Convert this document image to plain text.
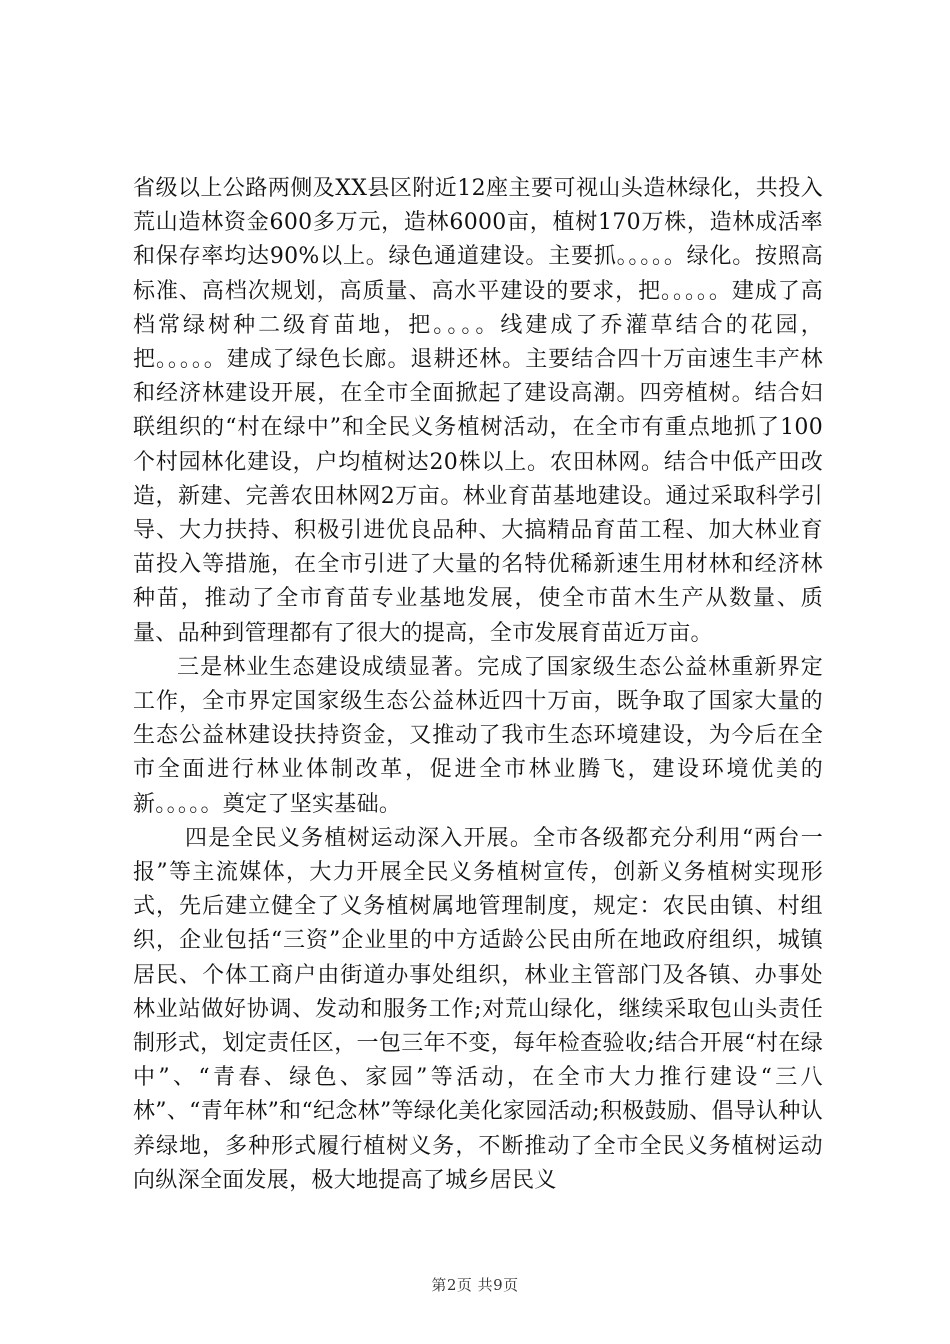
省级以上公路两侧及XX县区附近12座主要可视山头造林绿化，共投入荒山造林资金600多万元，造林6000亩，植树170万株，造林成活率和保存率均达90%以上。绿色通道建设。主要抓。。。。。绿化。按照高标准、高档次规划，高质量、高水平建设的要求，把。。。。。建成了高档常绿树种二级育苗地，把。。。。线建成了乔灌草结合的花园，把。。。。。建成了绿色长廊。退耕还林。主要结合四十万亩速生丰产林和经济林建设开展，在全市全面掀起了建设高潮。四旁植树。结合妇联组织的“村在绿中”和全民义务植树活动，在全市有重点地抓了100个村园林化建设，户均植树达20株以上。农田林网。结合中低产田改造，新建、完善农田林网2万亩。林业育苗基地建设。通过采取科学引导、大力扶持、积极引进优良品种、大搞精品育苗工程、加大林业育苗投入等措施，在全市引进了大量的名特优稀新速生用材林和经济林种苗，推动了全市育苗专业基地发展，使全市苗木生产从数量、质量、品种到管理都有了很大的提高，全市发展育苗近万亩。

三是林业生态建设成绩显著。完成了国家级生态公益林重新界定工作，全市界定国家级生态公益林近四十万亩，既争取了国家大量的生态公益林建设扶持资金，又推动了我市生态环境建设，为今后在全市全面进行林业体制改革，促进全市林业腾飞，建设环境优美的新。。。。。奠定了坚实基础。

四是全民义务植树运动深入开展。全市各级都充分利用“两台一报”等主流媒体，大力开展全民义务植树宣传，创新义务植树实现形式，先后建立健全了义务植树属地管理制度，规定：农民由镇、村组织，企业包括“三资”企业里的中方适龄公民由所在地政府组织，城镇居民、个体工商户由街道办事处组织，林业主管部门及各镇、办事处林业站做好协调、发动和服务工作;对荒山绿化，继续采取包山头责任制形式，划定责任区，一包三年不变，每年检查验收;结合开展“村在绿中”、“青春、绿色、家园”等活动，在全市大力推行建设“三八林”、“青年林”和“纪念林”等绿化美化家园活动;积极鼓励、倡导认种认养绿地，多种形式履行植树义务，不断推动了全市全民义务植树运动向纵深全面发展，极大地提高了城乡居民义

第2页 共9页
